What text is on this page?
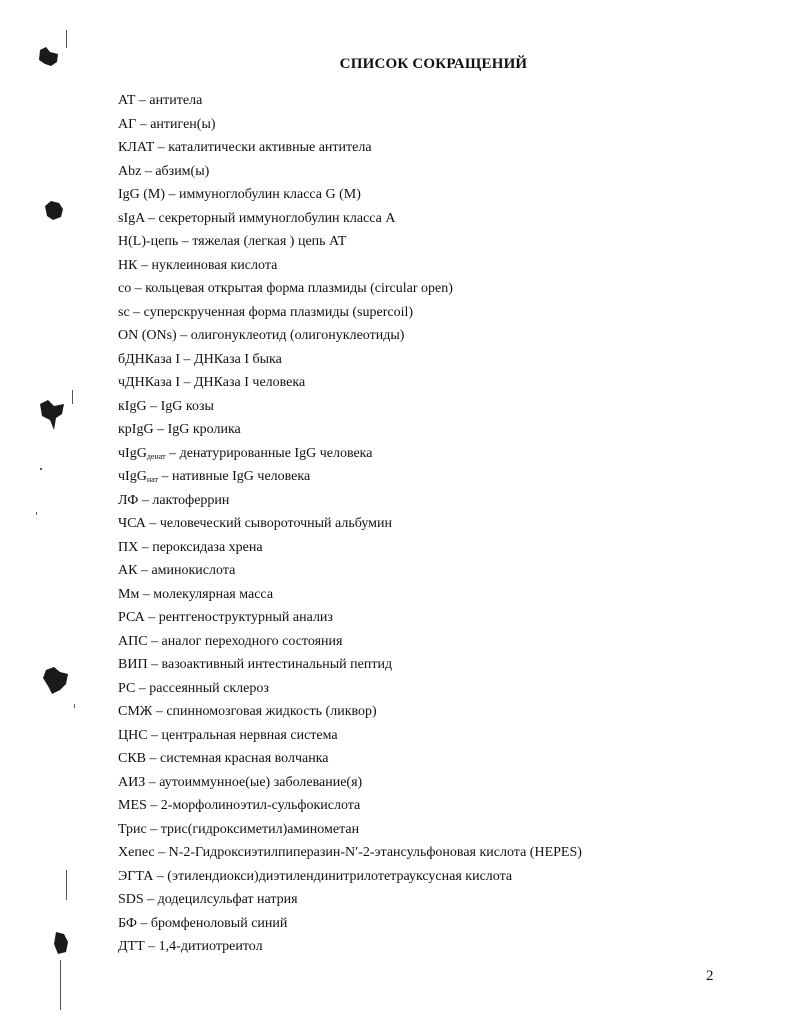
СПИСОК СОКРАЩЕНИЙ
АТ – антитела
АГ – антиген(ы)
КЛАТ – каталитически активные антитела
Abz – абзим(ы)
IgG (M) – иммуноглобулин класса G (M)
sIgA – секреторный иммуноглобулин класса А
H(L)-цепь – тяжелая (легкая ) цепь АТ
НК – нуклеиновая кислота
со – кольцевая открытая форма плазмиды (circular open)
sc – суперскрученная форма плазмиды (supercoil)
ON (ONs) – олигонуклеотид (олигонуклеотиды)
бДНКаза I – ДНКаза I быка
чДНКаза I – ДНКаза I человека
кIgG – IgG козы
крIgG – IgG кролика
чIgG$_{денат}$ – денатурированные IgG человека
чIgG$_{нат}$ – нативные IgG человека
ЛФ – лактоферрин
ЧСА – человеческий сывороточный альбумин
ПХ – пероксидаза хрена
АК – аминокислота
Мм – молекулярная масса
РСА – рентгеноструктурный анализ
АПС – аналог переходного состояния
ВИП – вазоактивный интестинальный пептид
РС – рассеянный склероз
СМЖ – спинномозговая жидкость (ликвор)
ЦНС – центральная нервная система
СКВ – системная красная волчанка
АИЗ – аутоиммунное(ые) заболевание(я)
MES – 2-морфолиноэтил-сульфокислота
Трис – трис(гидроксиметил)аминометан
Хепес – N-2-Гидроксиэтилпиперазин-N′-2-этансульфоновая кислота (HEPES)
ЭГТА – (этилендиокси)диэтилендинитрилотетрауксусная кислота
SDS – додецилсульфат натрия
БФ – бромфеноловый синий
ДТТ – 1,4-дитиотреитол
2
